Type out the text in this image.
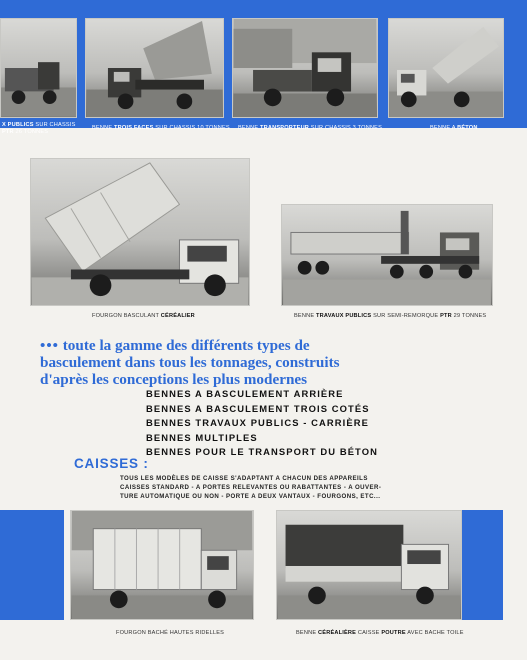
X PUBLICS SUR CHASSIS
PTR 26 TONNES
BENNE TROIS FACES SUR CHASSIS 10 TONNES BENNE TRANSPORTEUR SUR CHASSIS 3 TONNES	BENNE A BÉTON
FOURGON BASCULANT CÉRÉALIER	BENNE TRAVAUX PUBLICS SUR SEMI-REMORQUE PTR 29 TONNES
••• toute la gamme des différents types de
basculement dans tous les tonnages, construits
d'après les conceptions les plus modernes
BENNES A BASCULEMENT ARRIÈRE
BENNES A BASCULEMENT TROIS COTÉS
BENNES TRAVAUX PUBLICS - CARRIÈRE
BENNES MULTIPLES
BENNES POUR LE TRANSPORT DU BÉTON
CAISSES :
TOUS LES MODÈLES DE CAISSE S'ADAPTANT A CHACUN DES APPAREILS
CAISSES STANDARD - A PORTES RELEVANTES OU RABATTANTES - A OUVER-
TURE AUTOMATIQUE OU NON - PORTE A DEUX VANTAUX - FOURGONS, ETC...
FOURGON BACHÉ HAUTES RIDELLES	BENNE CÉRÉALIÈRE CAISSE POUTRE AVEC BACHE TOILE
